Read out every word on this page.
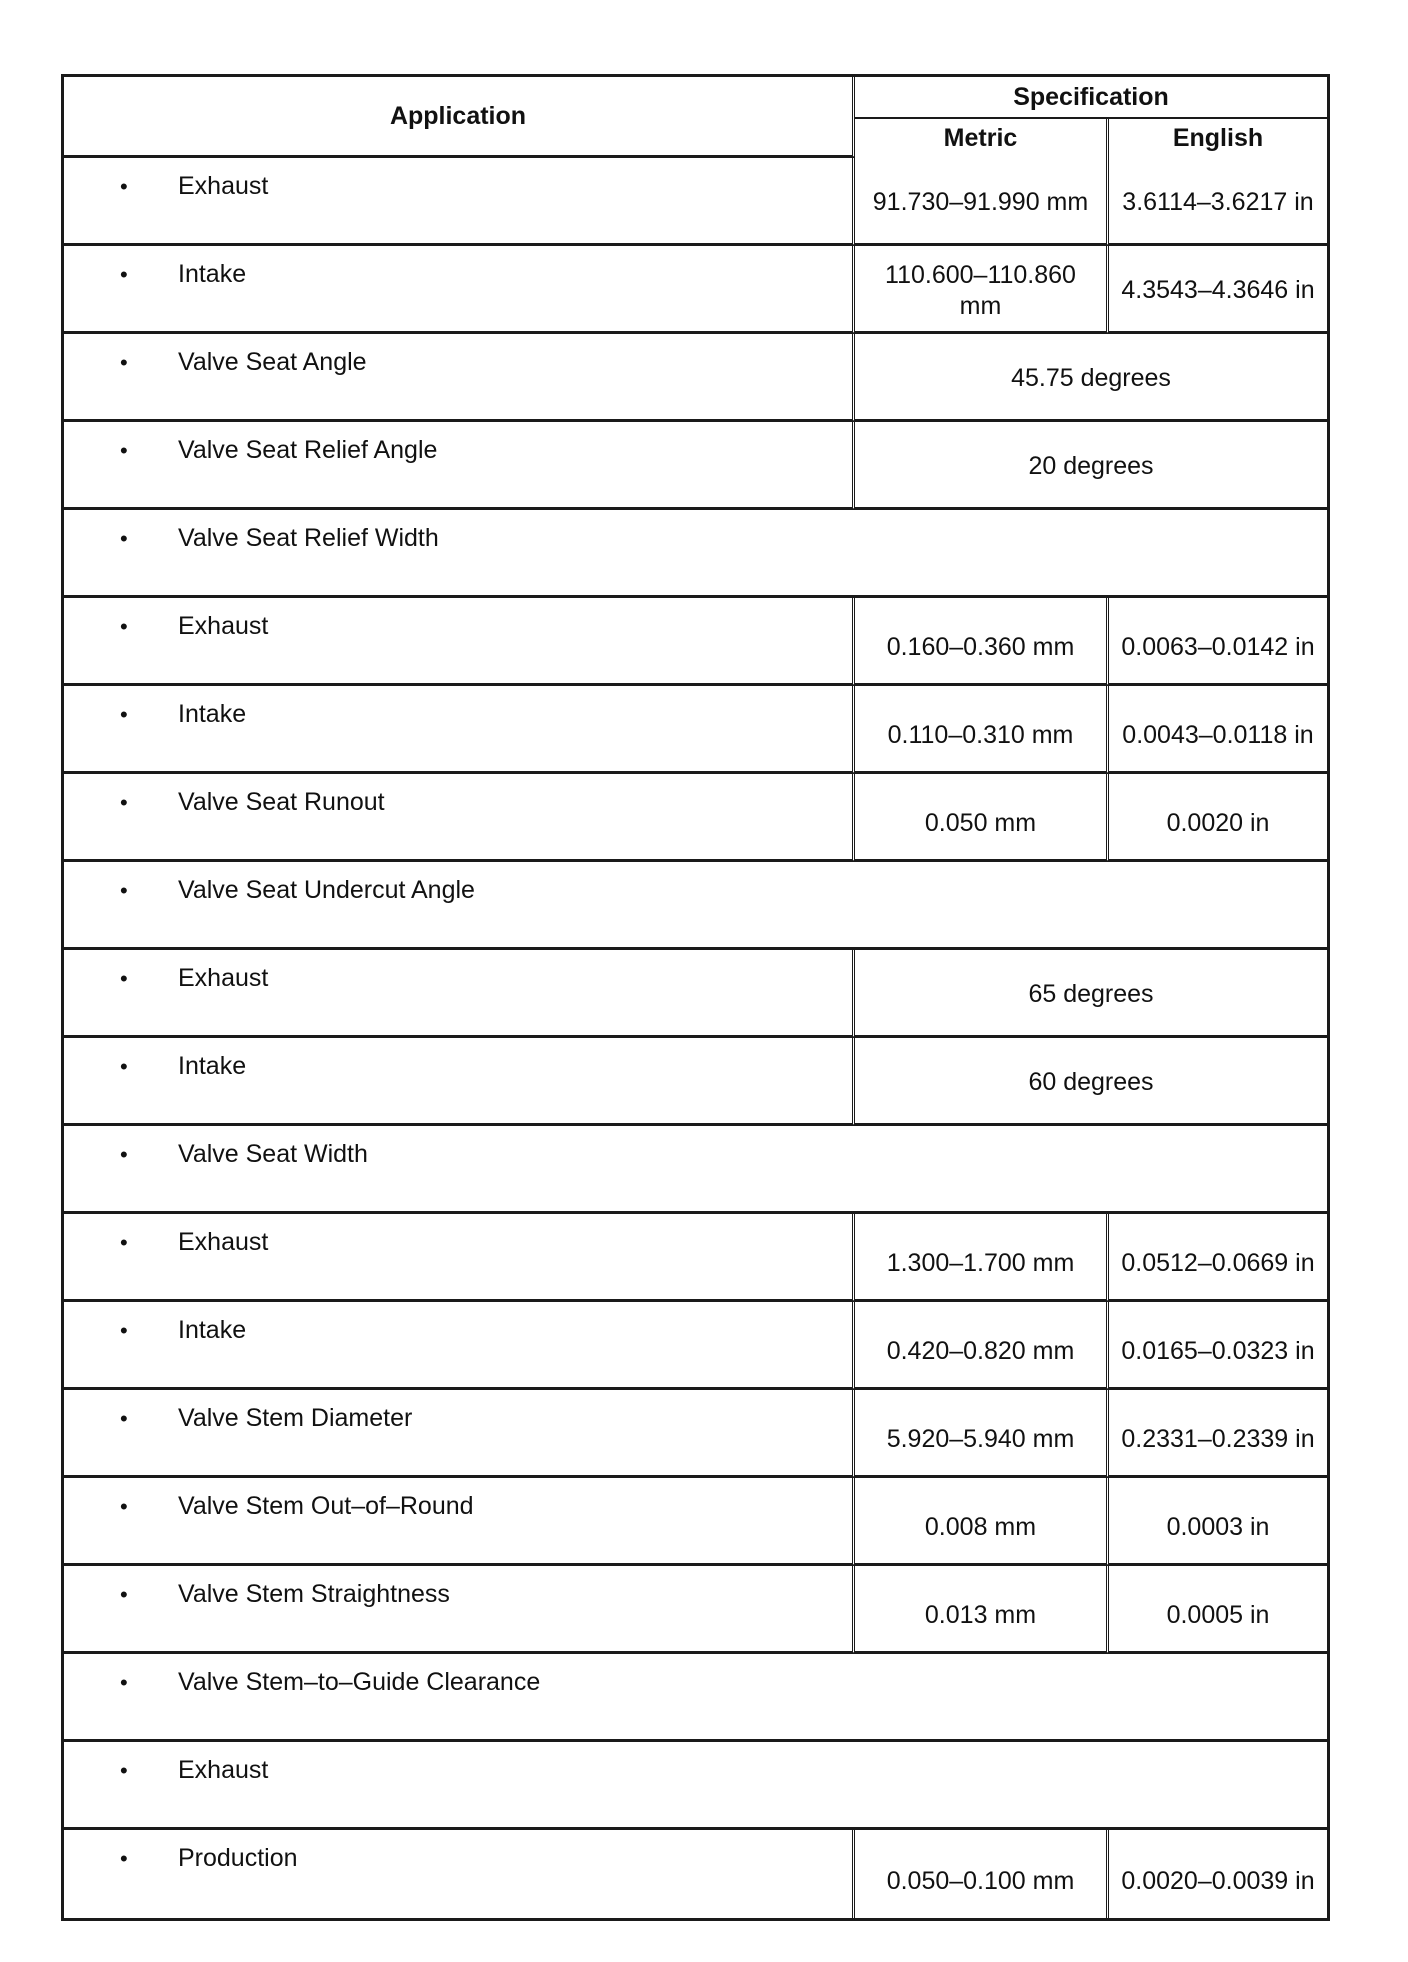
Application	Specification	
	Metric	English
• Exhaust	91.730–91.990 mm	3.6114–3.6217 in
• Intake	110.600–110.860 mm	4.3543–4.3646 in
• Valve Seat Angle	45.75 degrees	
• Valve Seat Relief Angle	20 degrees	
• Valve Seat Relief Width		
• Exhaust	0.160–0.360 mm	0.0063–0.0142 in
• Intake	0.110–0.310 mm	0.0043–0.0118 in
• Valve Seat Runout	0.050 mm	0.0020 in
• Valve Seat Undercut Angle		
• Exhaust	65 degrees	
• Intake	60 degrees	
• Valve Seat Width		
• Exhaust	1.300–1.700 mm	0.0512–0.0669 in
• Intake	0.420–0.820 mm	0.0165–0.0323 in
• Valve Stem Diameter	5.920–5.940 mm	0.2331–0.2339 in
• Valve Stem Out–of–Round	0.008 mm	0.0003 in
• Valve Stem Straightness	0.013 mm	0.0005 in
• Valve Stem–to–Guide Clearance		
• Exhaust		
• Production	0.050–0.100 mm	0.0020–0.0039 in
